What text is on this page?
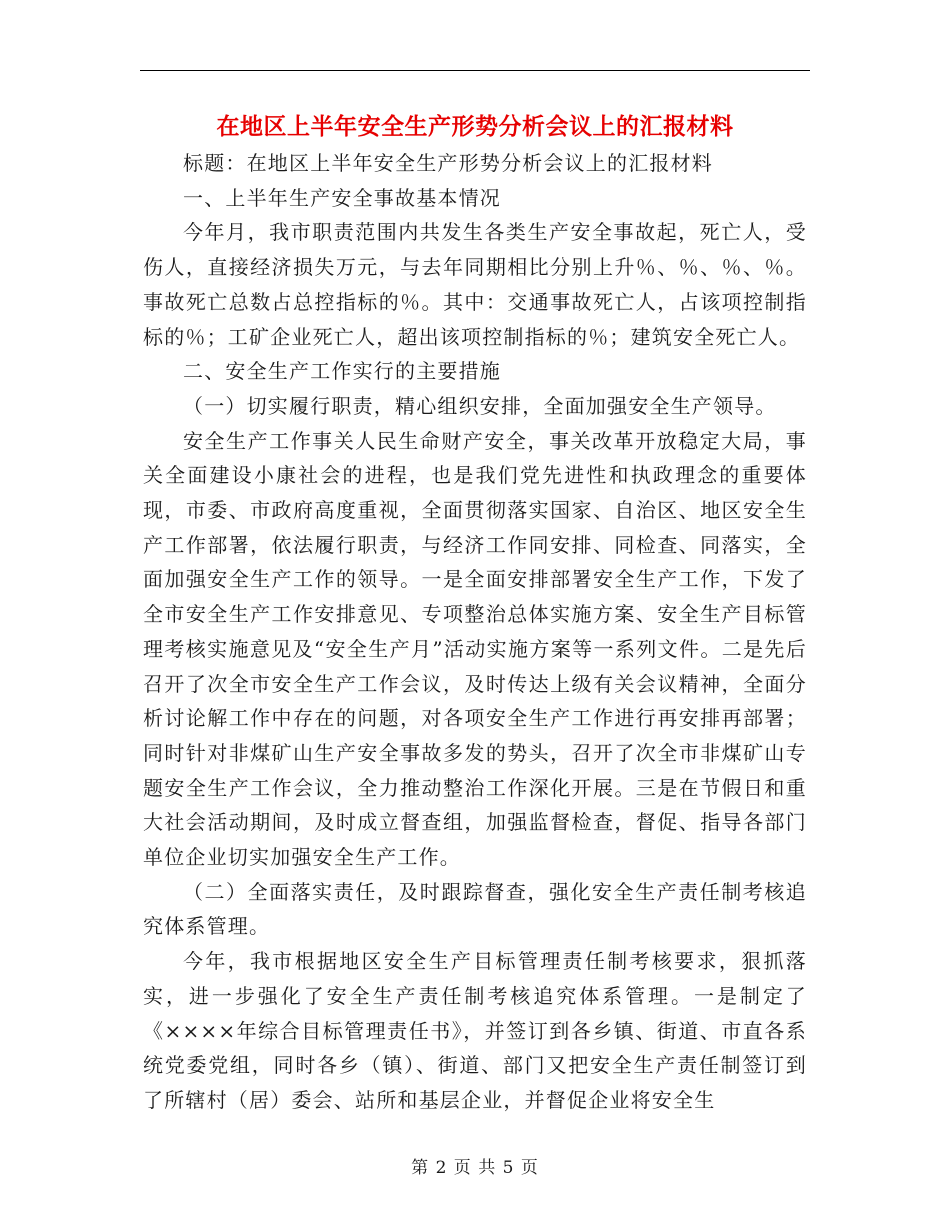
在地区上半年安全生产形势分析会议上的汇报材料

标题：在地区上半年安全生产形势分析会议上的汇报材料

一、上半年生产安全事故基本情况

今年月，我市职责范围内共发生各类生产安全事故起，死亡人，受伤人，直接经济损失万元，与去年同期相比分别上升％、％、％、％。事故死亡总数占总控指标的％。其中：交通事故死亡人，占该项控制指标的％；工矿企业死亡人，超出该项控制指标的％；建筑安全死亡人。

二、安全生产工作实行的主要措施

（一）切实履行职责，精心组织安排，全面加强安全生产领导。

安全生产工作事关人民生命财产安全，事关改革开放稳定大局，事关全面建设小康社会的进程，也是我们党先进性和执政理念的重要体现，市委、市政府高度重视，全面贯彻落实国家、自治区、地区安全生产工作部署，依法履行职责，与经济工作同安排、同检查、同落实，全面加强安全生产工作的领导。一是全面安排部署安全生产工作，下发了全市安全生产工作安排意见、专项整治总体实施方案、安全生产目标管理考核实施意见及“安全生产月”活动实施方案等一系列文件。二是先后召开了次全市安全生产工作会议，及时传达上级有关会议精神，全面分析讨论解工作中存在的问题，对各项安全生产工作进行再安排再部署；同时针对非煤矿山生产安全事故多发的势头，召开了次全市非煤矿山专题安全生产工作会议，全力推动整治工作深化开展。三是在节假日和重大社会活动期间，及时成立督查组，加强监督检查，督促、指导各部门单位企业切实加强安全生产工作。

（二）全面落实责任，及时跟踪督查，强化安全生产责任制考核追究体系管理。

今年，我市根据地区安全生产目标管理责任制考核要求，狠抓落实，进一步强化了安全生产责任制考核追究体系管理。一是制定了《××××年综合目标管理责任书》，并签订到各乡镇、街道、市直各系统党委党组，同时各乡（镇）、街道、部门又把安全生产责任制签订到了所辖村（居）委会、站所和基层企业，并督促企业将安全生

第 2 页 共 5 页
